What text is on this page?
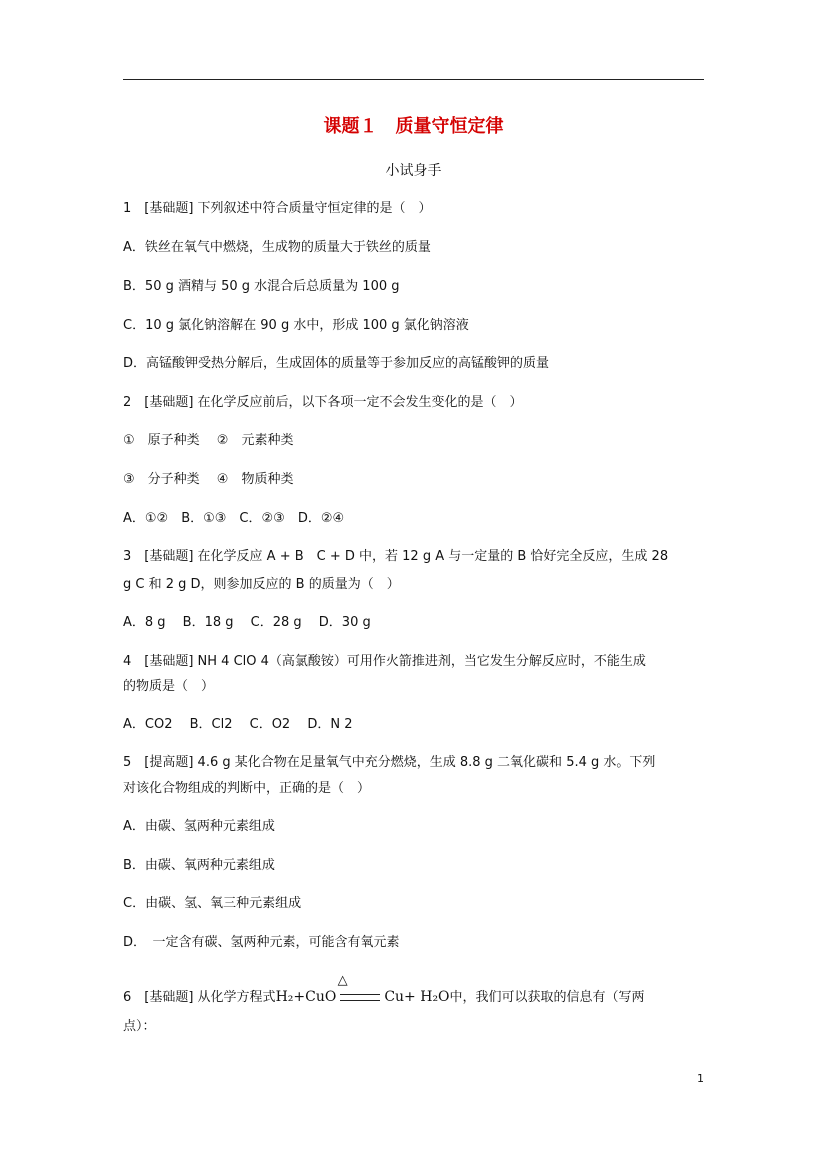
课题１　质量守恒定律
小试身手
1　[基础题] 下列叙述中符合质量守恒定律的是（　）
A．铁丝在氧气中燃烧，生成物的质量大于铁丝的质量
B．50 g 酒精与 50 g 水混合后总质量为 100 g
C．10 g 氯化钠溶解在 90 g 水中，形成 100 g 氯化钠溶液
D．高锰酸钾受热分解后，生成固体的质量等于参加反应的高锰酸钾的质量
2　[基础题] 在化学反应前后，以下各项一定不会发生变化的是（　）
①　原子种类　 ②　元素种类
③　分子种类　 ④　物质种类
A．①②　B．①③　C．②③　D．②④
3　[基础题] 在化学反应 A + B　C + D 中，若 12 g A 与一定量的 B 恰好完全反应，生成 28
g C 和 2 g D，则参加反应的 B 的质量为（　）
A．8 g　 B．18 g　 C．28 g　 D．30 g
4　[基础题] NH 4 ClO 4（高氯酸铵）可用作火箭推进剂，当它发生分解反应时，不能生成
的物质是（　）
A．CO2　 B．Cl2　 C．O2　 D．N 2
5　[提高题] 4.6 g 某化合物在足量氧气中充分燃烧，生成 8.8 g 二氧化碳和 5.4 g 水。下列
对该化合物组成的判断中，正确的是（　）
A．由碳、氢两种元素组成
B．由碳、氧两种元素组成
C．由碳、氢、氧三种元素组成
D．　一定含有碳、氢两种元素，可能含有氧元素
6　[基础题] 从化学方程式H₂+CuO
△
Cu+ H₂O中，我们可以获取的信息有（写两
点）：
1
